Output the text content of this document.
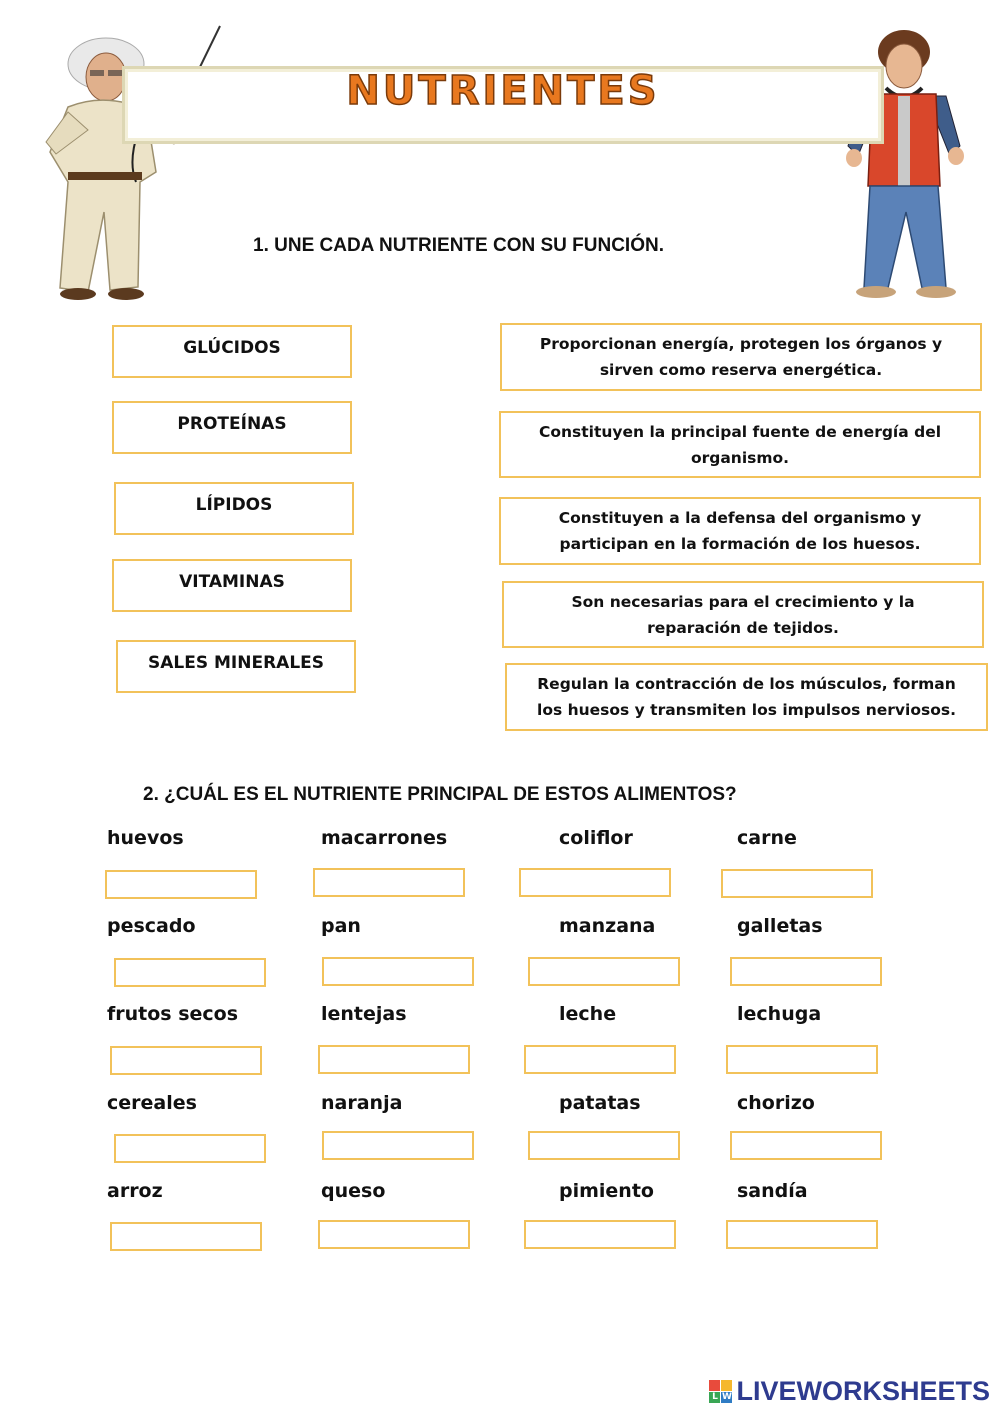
NUTRIENTES
1. UNE CADA NUTRIENTE CON SU FUNCIÓN.
GLÚCIDOS
PROTEÍNAS
LÍPIDOS
VITAMINAS
SALES MINERALES
Proporcionan energía, protegen los órganos y sirven como reserva energética.
Constituyen la principal fuente de energía del organismo.
Constituyen a la defensa del organismo y participan en la formación de los huesos.
Son necesarias para el crecimiento y la reparación de tejidos.
Regulan la contracción de los músculos, forman los huesos y transmiten los impulsos nerviosos.
2. ¿CUÁL ES EL NUTRIENTE PRINCIPAL DE ESTOS ALIMENTOS?
huevos	macarrones	coliflor	carne
pescado	pan	manzana	galletas
frutos secos	lentejas	leche	lechuga
cereales	naranja	patatas	chorizo
arroz	queso	pimiento	sandía
L W LIVEWORKSHEETS
